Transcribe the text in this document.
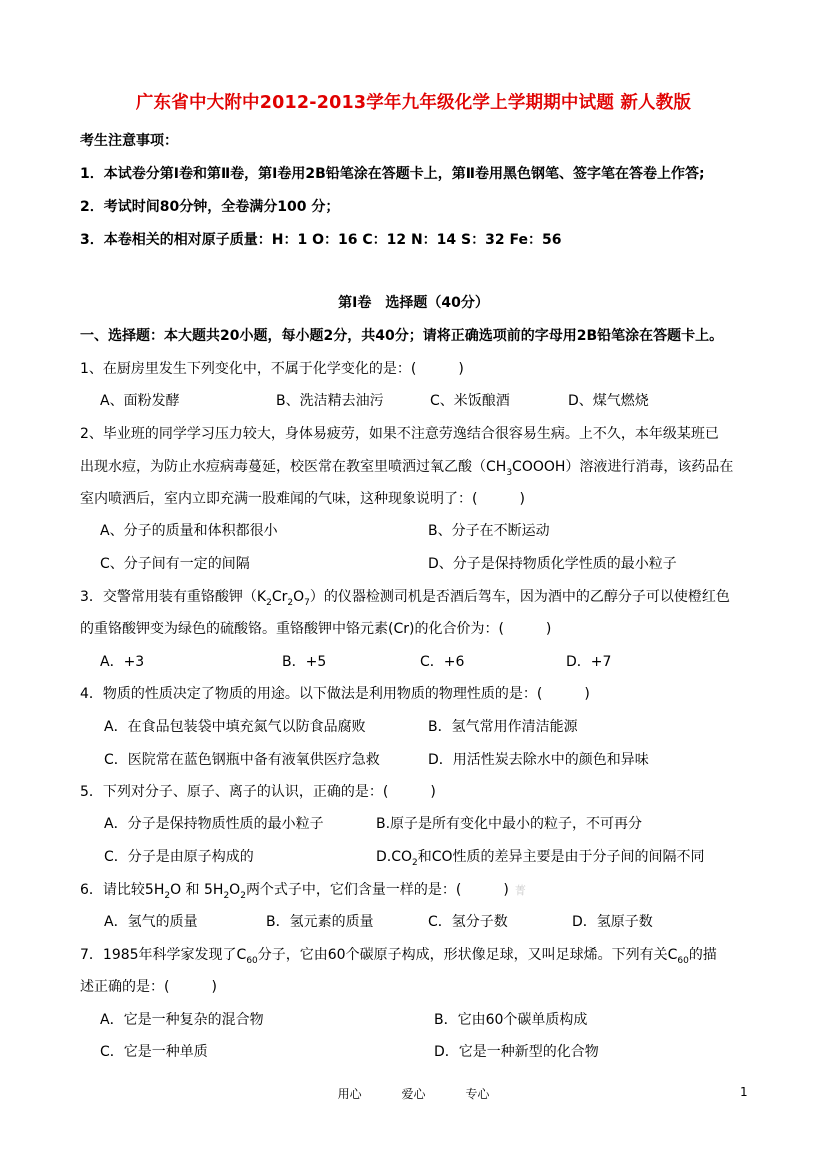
广东省中大附中2012-2013学年九年级化学上学期期中试题 新人教版
考生注意事项：
1．本试卷分第Ⅰ卷和第Ⅱ卷，第Ⅰ卷用2B铅笔涂在答题卡上，第Ⅱ卷用黑色钢笔、签字笔在答卷上作答;
2．考试时间80分钟，全卷满分100 分；
3．本卷相关的相对原子质量：H：1 O：16 C：12 N：14 S：32 Fe：56
第Ⅰ卷　选择题（40分）
一、选择题：本大题共20小题，每小题2分，共40分；请将正确选项前的字母用2B铅笔涂在答题卡上。
1、在厨房里发生下列变化中，不属于化学变化的是：(　　　)
A、面粉发酵	B、洗洁精去油污	C、米饭酿酒	D、煤气燃烧
2、毕业班的同学学习压力较大，身体易疲劳，如果不注意劳逸结合很容易生病。上不久，本年级某班已
出现水痘，为防止水痘病毒蔓延，校医常在教室里喷洒过氧乙酸$(CH_3COOOH)$溶液进行消毒，该药品在
室内喷洒后，室内立即充满一股难闻的气味，这种现象说明了：(　　　)
A、分子的质量和体积都很小	B、分子在不断运动
C、分子间有一定的间隔	D、分子是保持物质化学性质的最小粒子
3．交警常用装有重铬酸钾$(K_2Cr_2O_7)$的仪器检测司机是否酒后驾车，因为酒中的乙醇分子可以使橙红色
的重铬酸钾变为绿色的硫酸铬。重铬酸钾中铬元素(Cr)的化合价为：(　　　)
A．+3	B．+5	C．+6	D．+7
4．物质的性质决定了物质的用途。以下做法是利用物质的物理性质的是：(　　　)
A．在食品包装袋中填充氮气以防食品腐败	B．氢气常用作清洁能源
C．医院常在蓝色钢瓶中备有液氧供医疗急救	D．用活性炭去除水中的颜色和异味
5．下列对分子、原子、离子的认识，正确的是：(　　　)
A．分子是保持物质性质的最小粒子	B.原子是所有变化中最小的粒子，不可再分
C．分子是由原子构成的	$D.CO_2$和CO性质的差异主要是由于分子间的间隔不同
6．请比较$5H_2O$ 和 $5H_2O_2$两个式子中，它们含量一样的是：(　　　) 菁
A．氢气的质量	B．氢元素的质量	C．氢分子数	D．氢原子数
7．1985年科学家发现了$C_{60}$分子，它由60个碳原子构成，形状像足球，又叫足球烯。下列有关$C_{60}$的描
述正确的是：(　　　)
A．它是一种复杂的混合物	B．它由60个碳单质构成
C．它是一种单质	D．它是一种新型的化合物
用心	爱心	专心	1
